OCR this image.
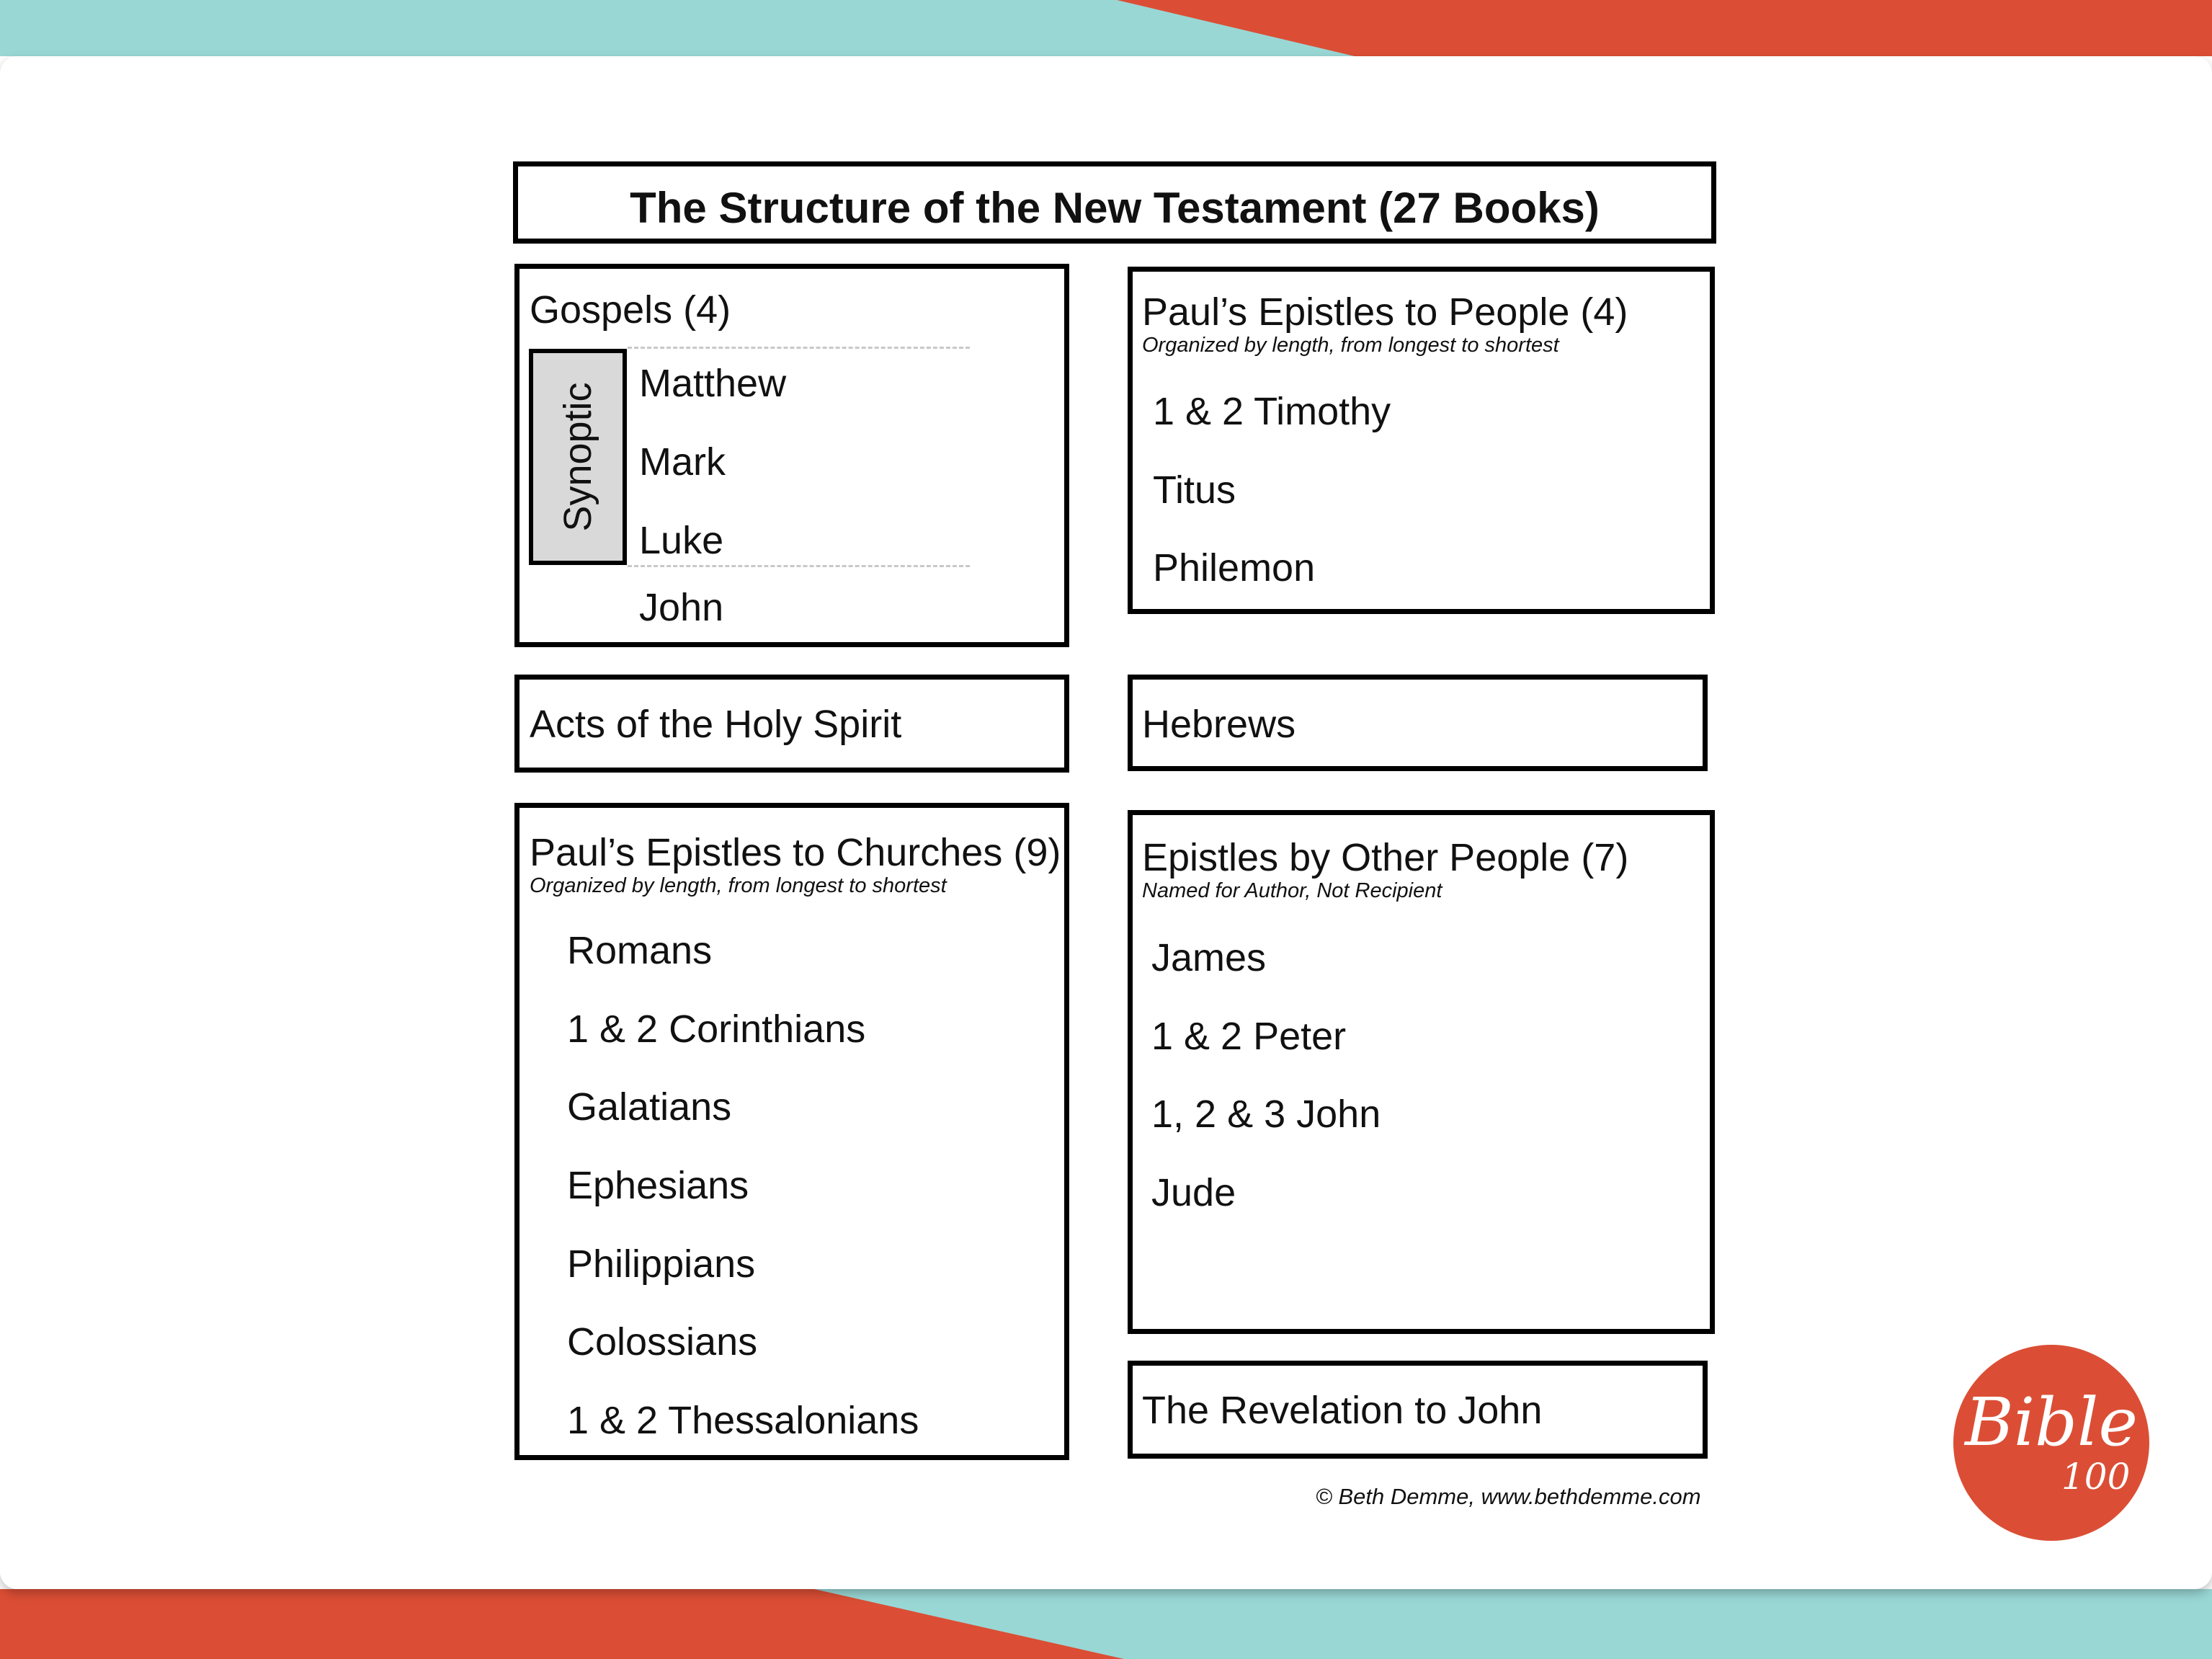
The Structure of the New Testament (27 Books)
Gospels (4)
Synoptic Matthew
Mark
Luke
John
Paul’s Epistles to People (4)
Organized by length, from longest to shortest
1 & 2 Timothy
Titus
Philemon
Acts of the Holy Spirit	Hebrews
Paul’s Epistles to Churches (9)
Organized by length, from longest to shortest
Romans
1 & 2 Corinthians
Galatians
Ephesians
Philippians
Colossians
1 & 2 Thessalonians
Epistles by Other People (7)
Named for Author, Not Recipient
James
1 & 2 Peter
1, 2 & 3 John
Jude
The Revelation to John
© Beth Demme, www.bethdemme.com
Bible
100
